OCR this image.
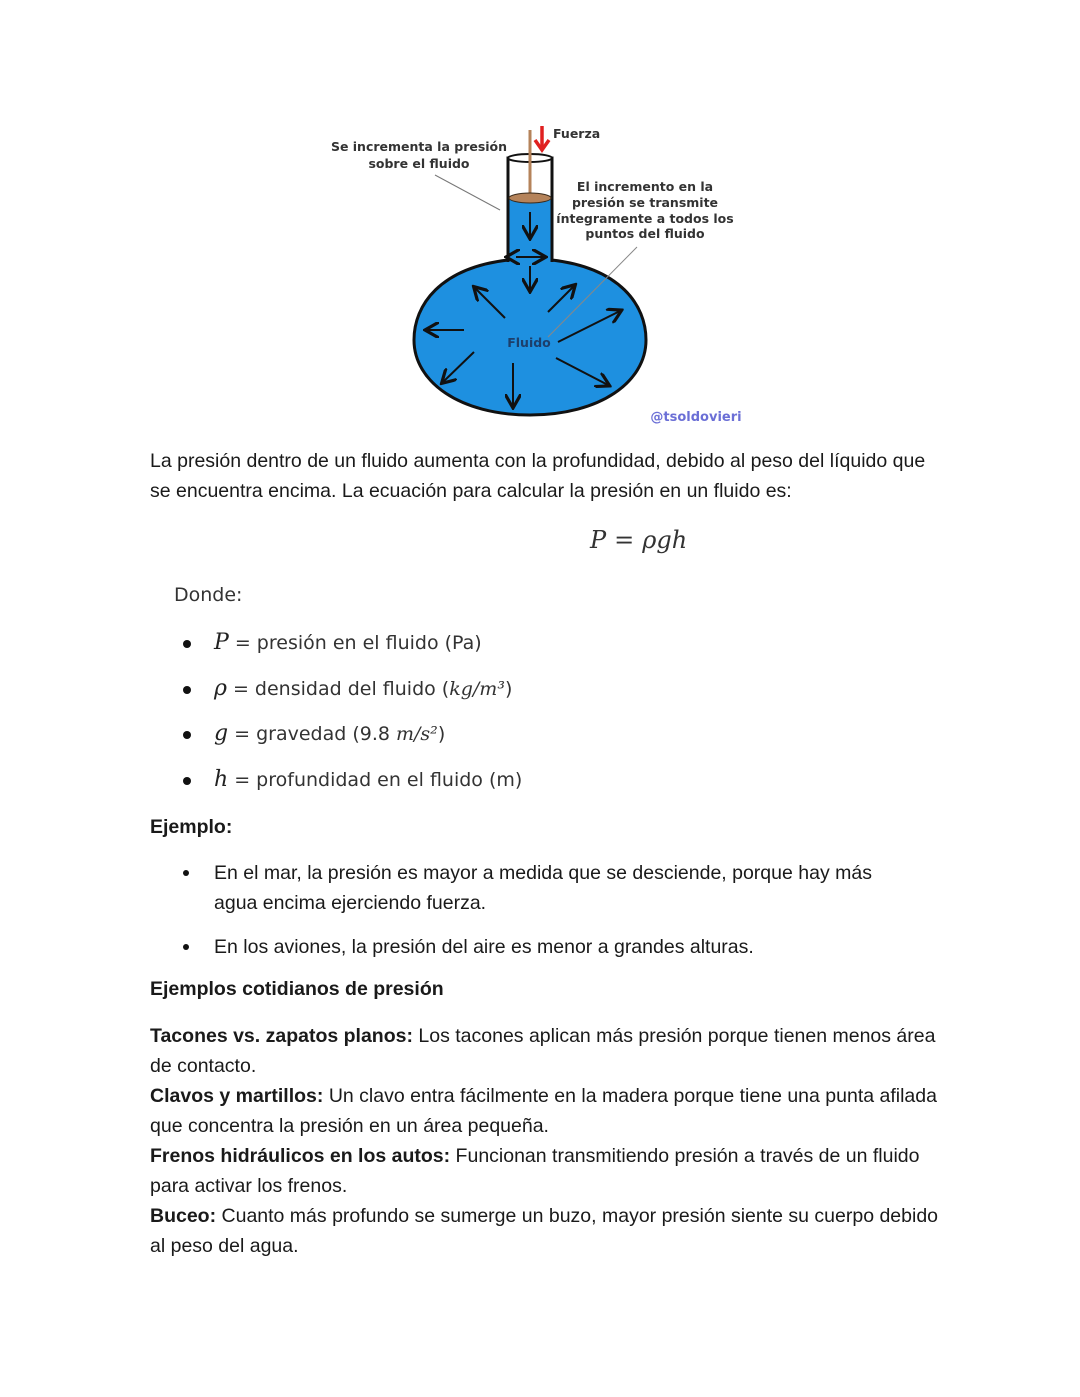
Se incrementa la presión
sobre el fluido
Fuerza
El incremento en la
presión se transmite
íntegramente a todos los
puntos del fluido
Fluido
@tsoldovieri
La presión dentro de un fluido aumenta con la profundidad, debido al peso del líquido que
se encuentra encima. La ecuación para calcular la presión en un fluido es:
P = ρgh
Donde:
P = presión en el fluido (Pa)
ρ = densidad del fluido (kg/m³)
g = gravedad (9.8 m/s²)
h = profundidad en el fluido (m)
Ejemplo:
En el mar, la presión es mayor a medida que se desciende, porque hay más agua encima ejerciendo fuerza.
En los aviones, la presión del aire es menor a grandes alturas.
Ejemplos cotidianos de presión
Tacones vs. zapatos planos: Los tacones aplican más presión porque tienen menos área de contacto.
Clavos y martillos: Un clavo entra fácilmente en la madera porque tiene una punta afilada que concentra la presión en un área pequeña.
Frenos hidráulicos en los autos: Funcionan transmitiendo presión a través de un fluido para activar los frenos.
Buceo: Cuanto más profundo se sumerge un buzo, mayor presión siente su cuerpo debido al peso del agua.
